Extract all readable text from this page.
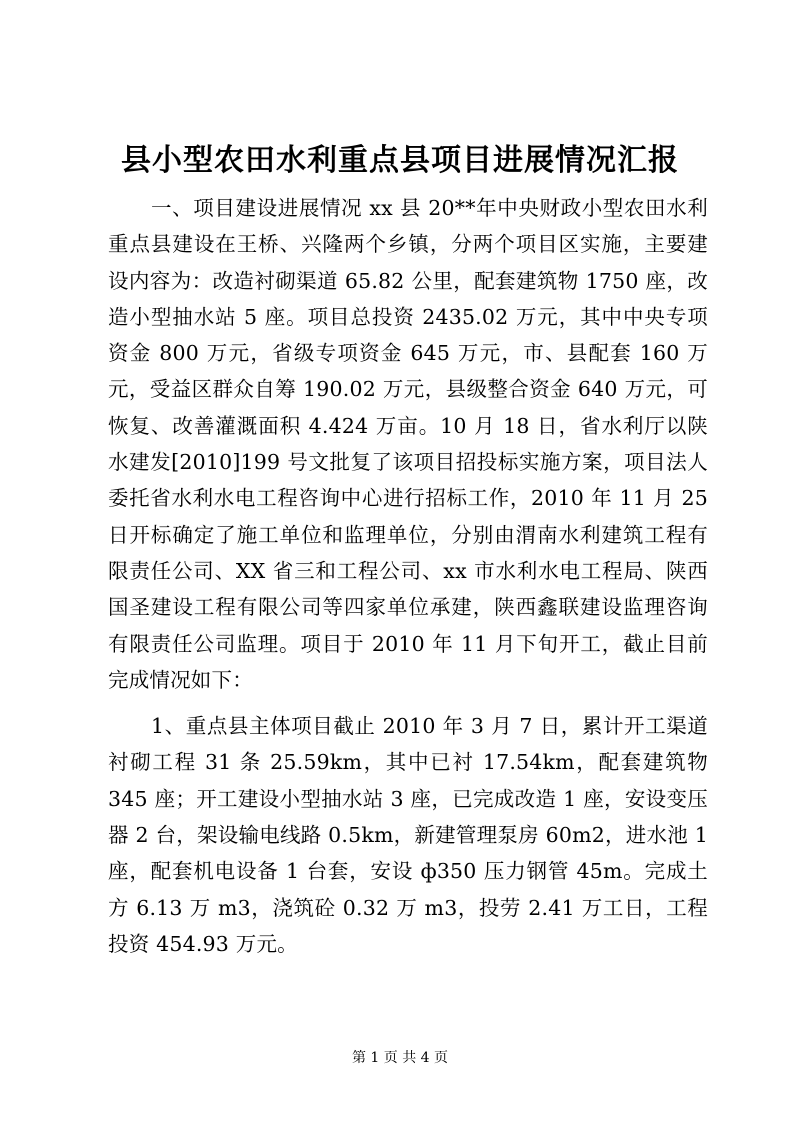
县小型农田水利重点县项目进展情况汇报

一、项目建设进展情况 xx 县 20**年中央财政小型农田水利重点县建设在王桥、兴隆两个乡镇，分两个项目区实施，主要建设内容为：改造衬砌渠道 65.82 公里，配套建筑物 1750 座，改造小型抽水站 5 座。项目总投资 2435.02 万元，其中中央专项资金 800 万元，省级专项资金 645 万元，市、县配套 160 万元，受益区群众自筹 190.02 万元，县级整合资金 640 万元，可恢复、改善灌溉面积 4.424 万亩。10 月 18 日，省水利厅以陕水建发[2010]199 号文批复了该项目招投标实施方案，项目法人委托省水利水电工程咨询中心进行招标工作，2010 年 11 月 25 日开标确定了施工单位和监理单位，分别由渭南水利建筑工程有限责任公司、XX 省三和工程公司、xx 市水利水电工程局、陕西国圣建设工程有限公司等四家单位承建，陕西鑫联建设监理咨询有限责任公司监理。项目于 2010 年 11 月下旬开工，截止目前完成情况如下：

1、重点县主体项目截止 2010 年 3 月 7 日，累计开工渠道衬砌工程 31 条 25.59km，其中已衬 17.54km，配套建筑物 345 座；开工建设小型抽水站 3 座，已完成改造 1 座，安设变压器 2 台，架设输电线路 0.5km，新建管理泵房 60m2，进水池 1 座，配套机电设备 1 台套，安设 ф350 压力钢管 45m。完成土方 6.13 万 m3，浇筑砼 0.32 万 m3，投劳 2.41 万工日，工程投资 454.93 万元。

第 1 页 共 4 页
